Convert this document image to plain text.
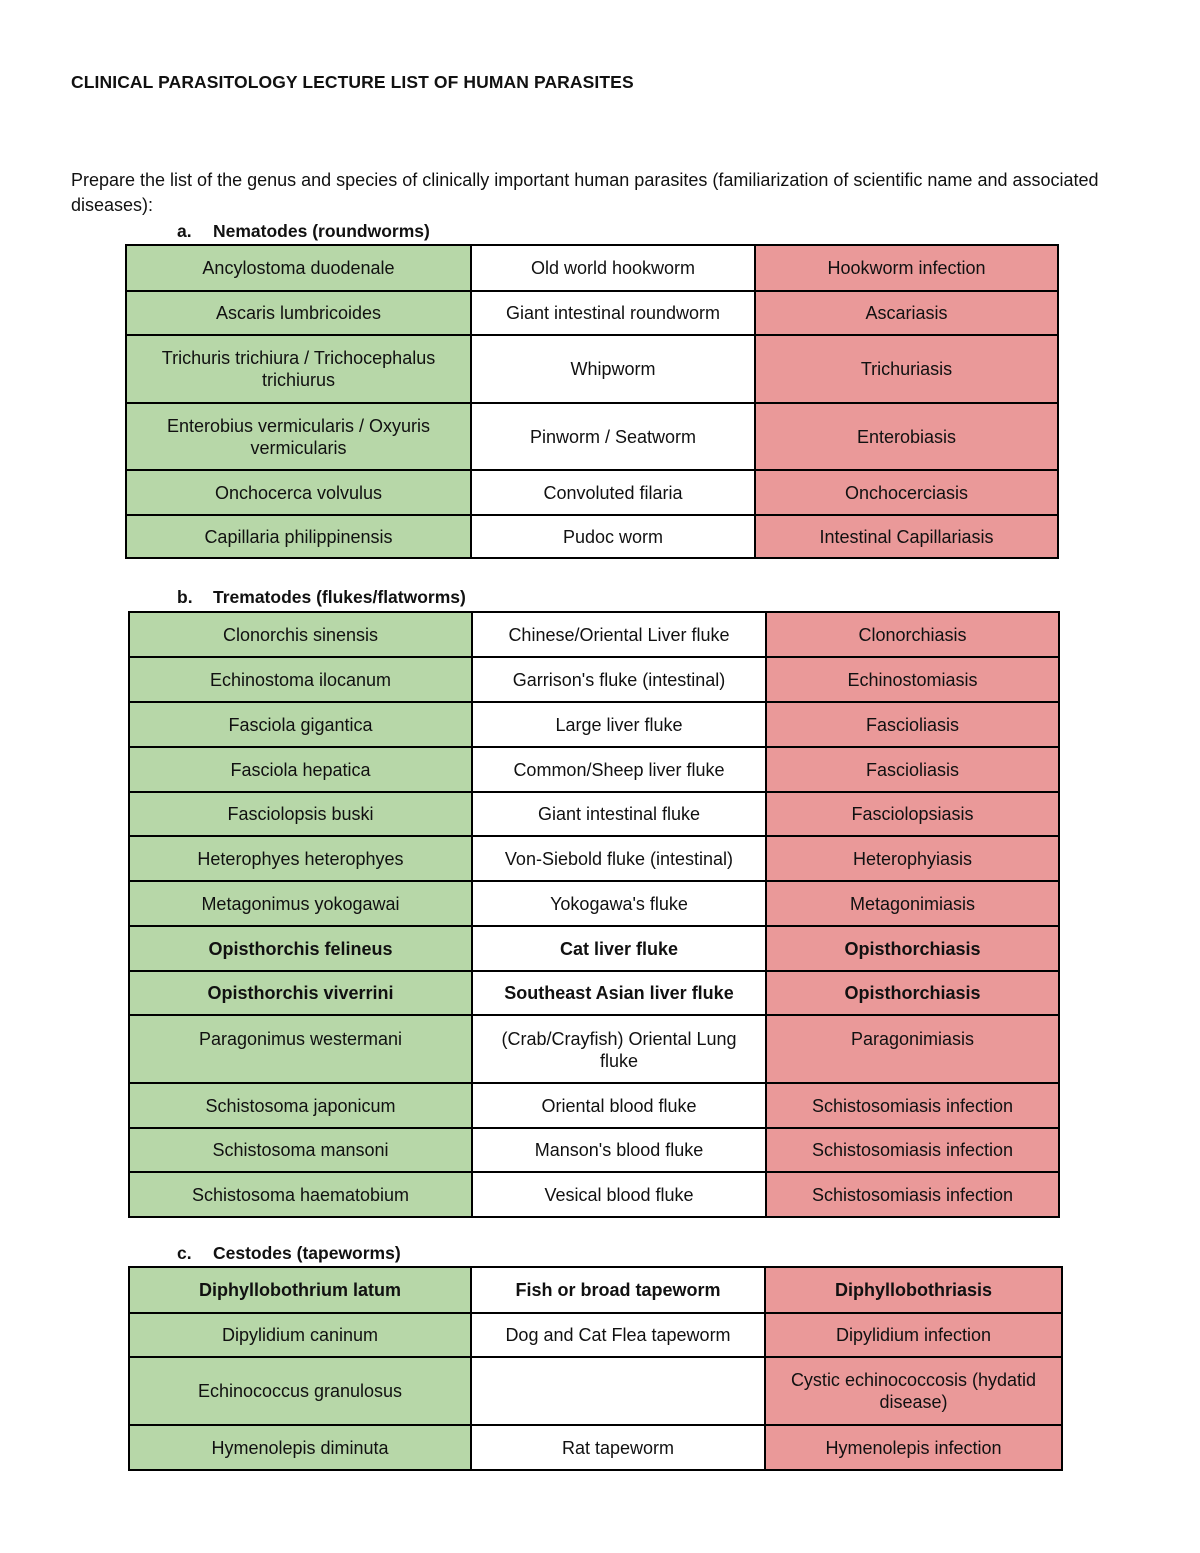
CLINICAL PARASITOLOGY LECTURE LIST OF HUMAN PARASITES
Prepare the list of the genus and species of clinically important human parasites (familiarization of scientific name and associated diseases):
a. Nematodes (roundworms)
Ancylostoma duodenale	Old world hookworm	Hookworm infection
Ascaris lumbricoides	Giant intestinal roundworm	Ascariasis
Trichuris trichiura / Trichocephalus trichiurus	Whipworm	Trichuriasis
Enterobius vermicularis / Oxyuris vermicularis	Pinworm / Seatworm	Enterobiasis
Onchocerca volvulus	Convoluted filaria	Onchocerciasis
Capillaria philippinensis	Pudoc worm	Intestinal Capillariasis
b. Trematodes (flukes/flatworms)
Clonorchis sinensis	Chinese/Oriental Liver fluke	Clonorchiasis
Echinostoma ilocanum	Garrison's fluke (intestinal)	Echinostomiasis
Fasciola gigantica	Large liver fluke	Fascioliasis
Fasciola hepatica	Common/Sheep liver fluke	Fascioliasis
Fasciolopsis buski	Giant intestinal fluke	Fasciolopsiasis
Heterophyes heterophyes	Von-Siebold fluke (intestinal)	Heterophyiasis
Metagonimus yokogawai	Yokogawa's fluke	Metagonimiasis
Opisthorchis felineus	Cat liver fluke	Opisthorchiasis
Opisthorchis viverrini	Southeast Asian liver fluke	Opisthorchiasis
Paragonimus westermani	(Crab/Crayfish) Oriental Lung fluke	Paragonimiasis
Schistosoma japonicum	Oriental blood fluke	Schistosomiasis infection
Schistosoma mansoni	Manson's blood fluke	Schistosomiasis infection
Schistosoma haematobium	Vesical blood fluke	Schistosomiasis infection
c. Cestodes (tapeworms)
Diphyllobothrium latum	Fish or broad tapeworm	Diphyllobothriasis
Dipylidium caninum	Dog and Cat Flea tapeworm	Dipylidium infection
Echinococcus granulosus		Cystic echinococcosis (hydatid disease)
Hymenolepis diminuta	Rat tapeworm	Hymenolepis infection
